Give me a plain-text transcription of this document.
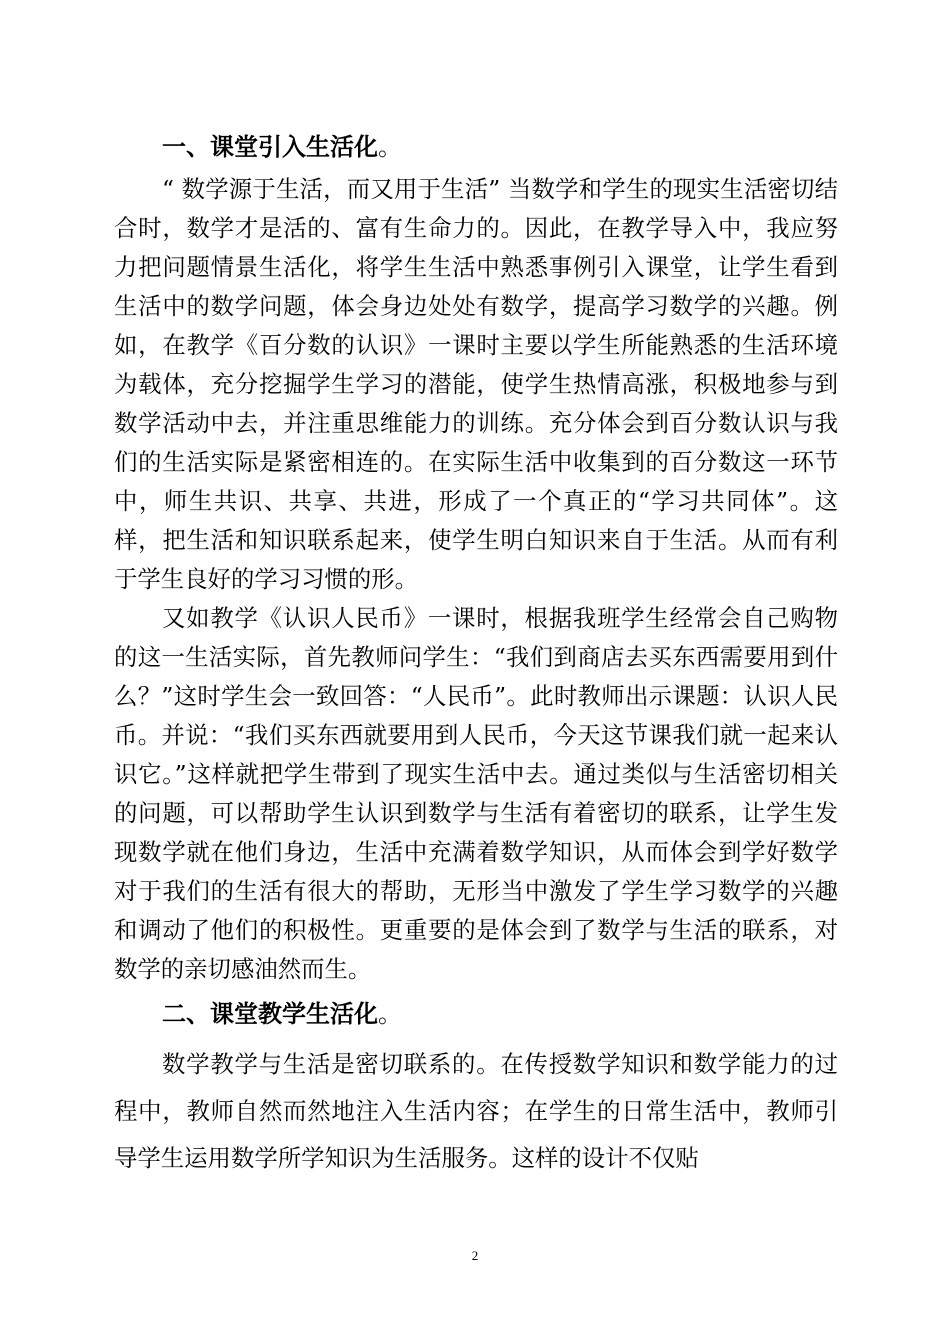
一、课堂引入生活化。

“ 数学源于生活，而又用于生活” 当数学和学生的现实生活密切结合时，数学才是活的、富有生命力的。因此，在教学导入中，我应努力把问题情景生活化，将学生生活中熟悉事例引入课堂，让学生看到生活中的数学问题，体会身边处处有数学，提高学习数学的兴趣。例如，在教学《百分数的认识》一课时主要以学生所能熟悉的生活环境为载体，充分挖掘学生学习的潜能，使学生热情高涨，积极地参与到数学活动中去，并注重思维能力的训练。充分体会到百分数认识与我们的生活实际是紧密相连的。在实际生活中收集到的百分数这一环节中，师生共识、共享、共进，形成了一个真正的“学习共同体”。这样，把生活和知识联系起来，使学生明白知识来自于生活。从而有利于学生良好的学习习惯的形。

又如教学《认识人民币》一课时，根据我班学生经常会自己购物的这一生活实际，首先教师问学生：“我们到商店去买东西需要用到什么？”这时学生会一致回答：“人民币”。此时教师出示课题：认识人民币。并说：“我们买东西就要用到人民币，今天这节课我们就一起来认识它。”这样就把学生带到了现实生活中去。通过类似与生活密切相关的问题，可以帮助学生认识到数学与生活有着密切的联系，让学生发现数学就在他们身边，生活中充满着数学知识，从而体会到学好数学对于我们的生活有很大的帮助，无形当中激发了学生学习数学的兴趣和调动了他们的积极性。更重要的是体会到了数学与生活的联系，对数学的亲切感油然而生。

二、课堂教学生活化。

数学教学与生活是密切联系的。在传授数学知识和数学能力的过程中，教师自然而然地注入生活内容；在学生的日常生活中，教师引导学生运用数学所学知识为生活服务。这样的设计不仅贴

2
